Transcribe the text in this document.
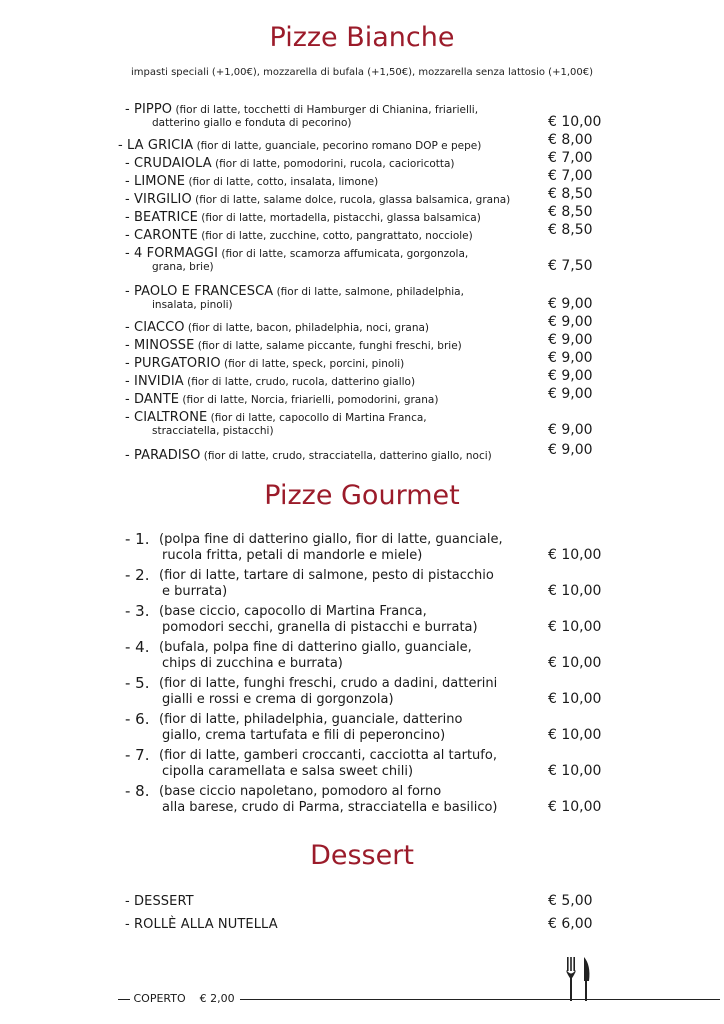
Pizze Bianche
impasti speciali (+1,00€), mozzarella di bufala (+1,50€), mozzarella senza lattosio (+1,00€)
- PIPPO (fior di latte, tocchetti di Hamburger di Chianina, friarielli,
datterino giallo e fonduta di pecorino)	€ 10,00
- LA GRICIA (fior di latte, guanciale, pecorino romano DOP e pepe)	€ 8,00
- CRUDAIOLA (fior di latte, pomodorini, rucola, cacioricotta)	€ 7,00
- LIMONE (fior di latte, cotto, insalata, limone)	€ 7,00
- VIRGILIO (fior di latte, salame dolce, rucola, glassa balsamica, grana)	€ 8,50
- BEATRICE (fior di latte, mortadella, pistacchi, glassa balsamica)	€ 8,50
- CARONTE (fior di latte, zucchine, cotto, pangrattato, nocciole)	€ 8,50
- 4 FORMAGGI (fior di latte, scamorza affumicata, gorgonzola,
grana, brie)	€ 7,50
- PAOLO E FRANCESCA (fior di latte, salmone, philadelphia,
insalata, pinoli)	€ 9,00
- CIACCO (fior di latte, bacon, philadelphia, noci, grana)	€ 9,00
- MINOSSE (fior di latte, salame piccante, funghi freschi, brie)	€ 9,00
- PURGATORIO (fior di latte, speck, porcini, pinoli)	€ 9,00
- INVIDIA (fior di latte, crudo, rucola, datterino giallo)	€ 9,00
- DANTE (fior di latte, Norcia, friarielli, pomodorini, grana)	€ 9,00
- CIALTRONE (fior di latte, capocollo di Martina Franca,
stracciatella, pistacchi)	€ 9,00
- PARADISO (fior di latte, crudo, stracciatella, datterino giallo, noci)	€ 9,00
Pizze Gourmet
- 1. (polpa fine di datterino giallo, fior di latte, guanciale,
rucola fritta, petali di mandorle e miele)	€ 10,00
- 2. (fior di latte, tartare di salmone, pesto di pistacchio
e burrata)	€ 10,00
- 3. (base ciccio, capocollo di Martina Franca,
pomodori secchi, granella di pistacchi e burrata)	€ 10,00
- 4. (bufala, polpa fine di datterino giallo, guanciale,
chips di zucchina e burrata)	€ 10,00
- 5. (fior di latte, funghi freschi, crudo a dadini, datterini
gialli e rossi e crema di gorgonzola)	€ 10,00
- 6. (fior di latte, philadelphia, guanciale, datterino
giallo, crema tartufata e fili di peperoncino)	€ 10,00
- 7. (fior di latte, gamberi croccanti, cacciotta al tartufo,
cipolla caramellata e salsa sweet chili)	€ 10,00
- 8. (base ciccio napoletano, pomodoro al forno
alla barese, crudo di Parma, stracciatella e basilico)	€ 10,00
Dessert
- DESSERT	€ 5,00
- ROLLÈ ALLA NUTELLA	€ 6,00
COPERTO € 2,00
